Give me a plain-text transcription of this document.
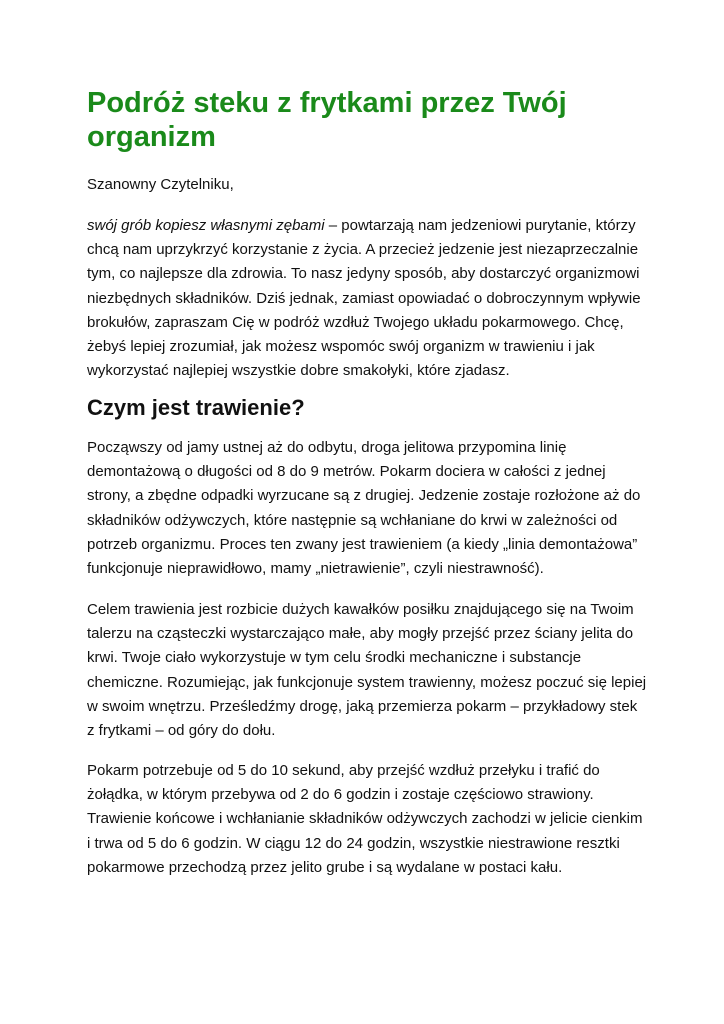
Podróż steku z frytkami przez Twój organizm

Szanowny Czytelniku,

swój grób kopiesz własnymi zębami – powtarzają nam jedzeniowi purytanie, którzy chcą nam uprzykrzyć korzystanie z życia. A przecież jedzenie jest niezaprzeczalnie tym, co najlepsze dla zdrowia. To nasz jedyny sposób, aby dostarczyć organizmowi niezbędnych składników. Dziś jednak, zamiast opowiadać o dobroczynnym wpływie brokułów, zapraszam Cię w podróż wzdłuż Twojego układu pokarmowego. Chcę, żebyś lepiej zrozumiał, jak możesz wspomóc swój organizm w trawieniu i jak wykorzystać najlepiej wszystkie dobre smakołyki, które zjadasz.

Czym jest trawienie?

Począwszy od jamy ustnej aż do odbytu, droga jelitowa przypomina linię demontażową o długości od 8 do 9 metrów. Pokarm dociera w całości z jednej strony, a zbędne odpadki wyrzucane są z drugiej. Jedzenie zostaje rozłożone aż do składników odżywczych, które następnie są wchłaniane do krwi w zależności od potrzeb organizmu. Proces ten zwany jest trawieniem (a kiedy „linia demontażowa” funkcjonuje nieprawidłowo, mamy „nietrawienie”, czyli niestrawność).

Celem trawienia jest rozbicie dużych kawałków posiłku znajdującego się na Twoim talerzu na cząsteczki wystarczająco małe, aby mogły przejść przez ściany jelita do krwi. Twoje ciało wykorzystuje w tym celu środki mechaniczne i substancje chemiczne. Rozumiejąc, jak funkcjonuje system trawienny, możesz poczuć się lepiej w swoim wnętrzu. Prześledźmy drogę, jaką przemierza pokarm – przykładowy stek z frytkami – od góry do dołu.

Pokarm potrzebuje od 5 do 10 sekund, aby przejść wzdłuż przełyku i trafić do żołądka, w którym przebywa od 2 do 6 godzin i zostaje częściowo strawiony. Trawienie końcowe i wchłanianie składników odżywczych zachodzi w jelicie cienkim i trwa od 5 do 6 godzin. W ciągu 12 do 24 godzin, wszystkie niestrawione resztki pokarmowe przechodzą przez jelito grube i są wydalane w postaci kału.
